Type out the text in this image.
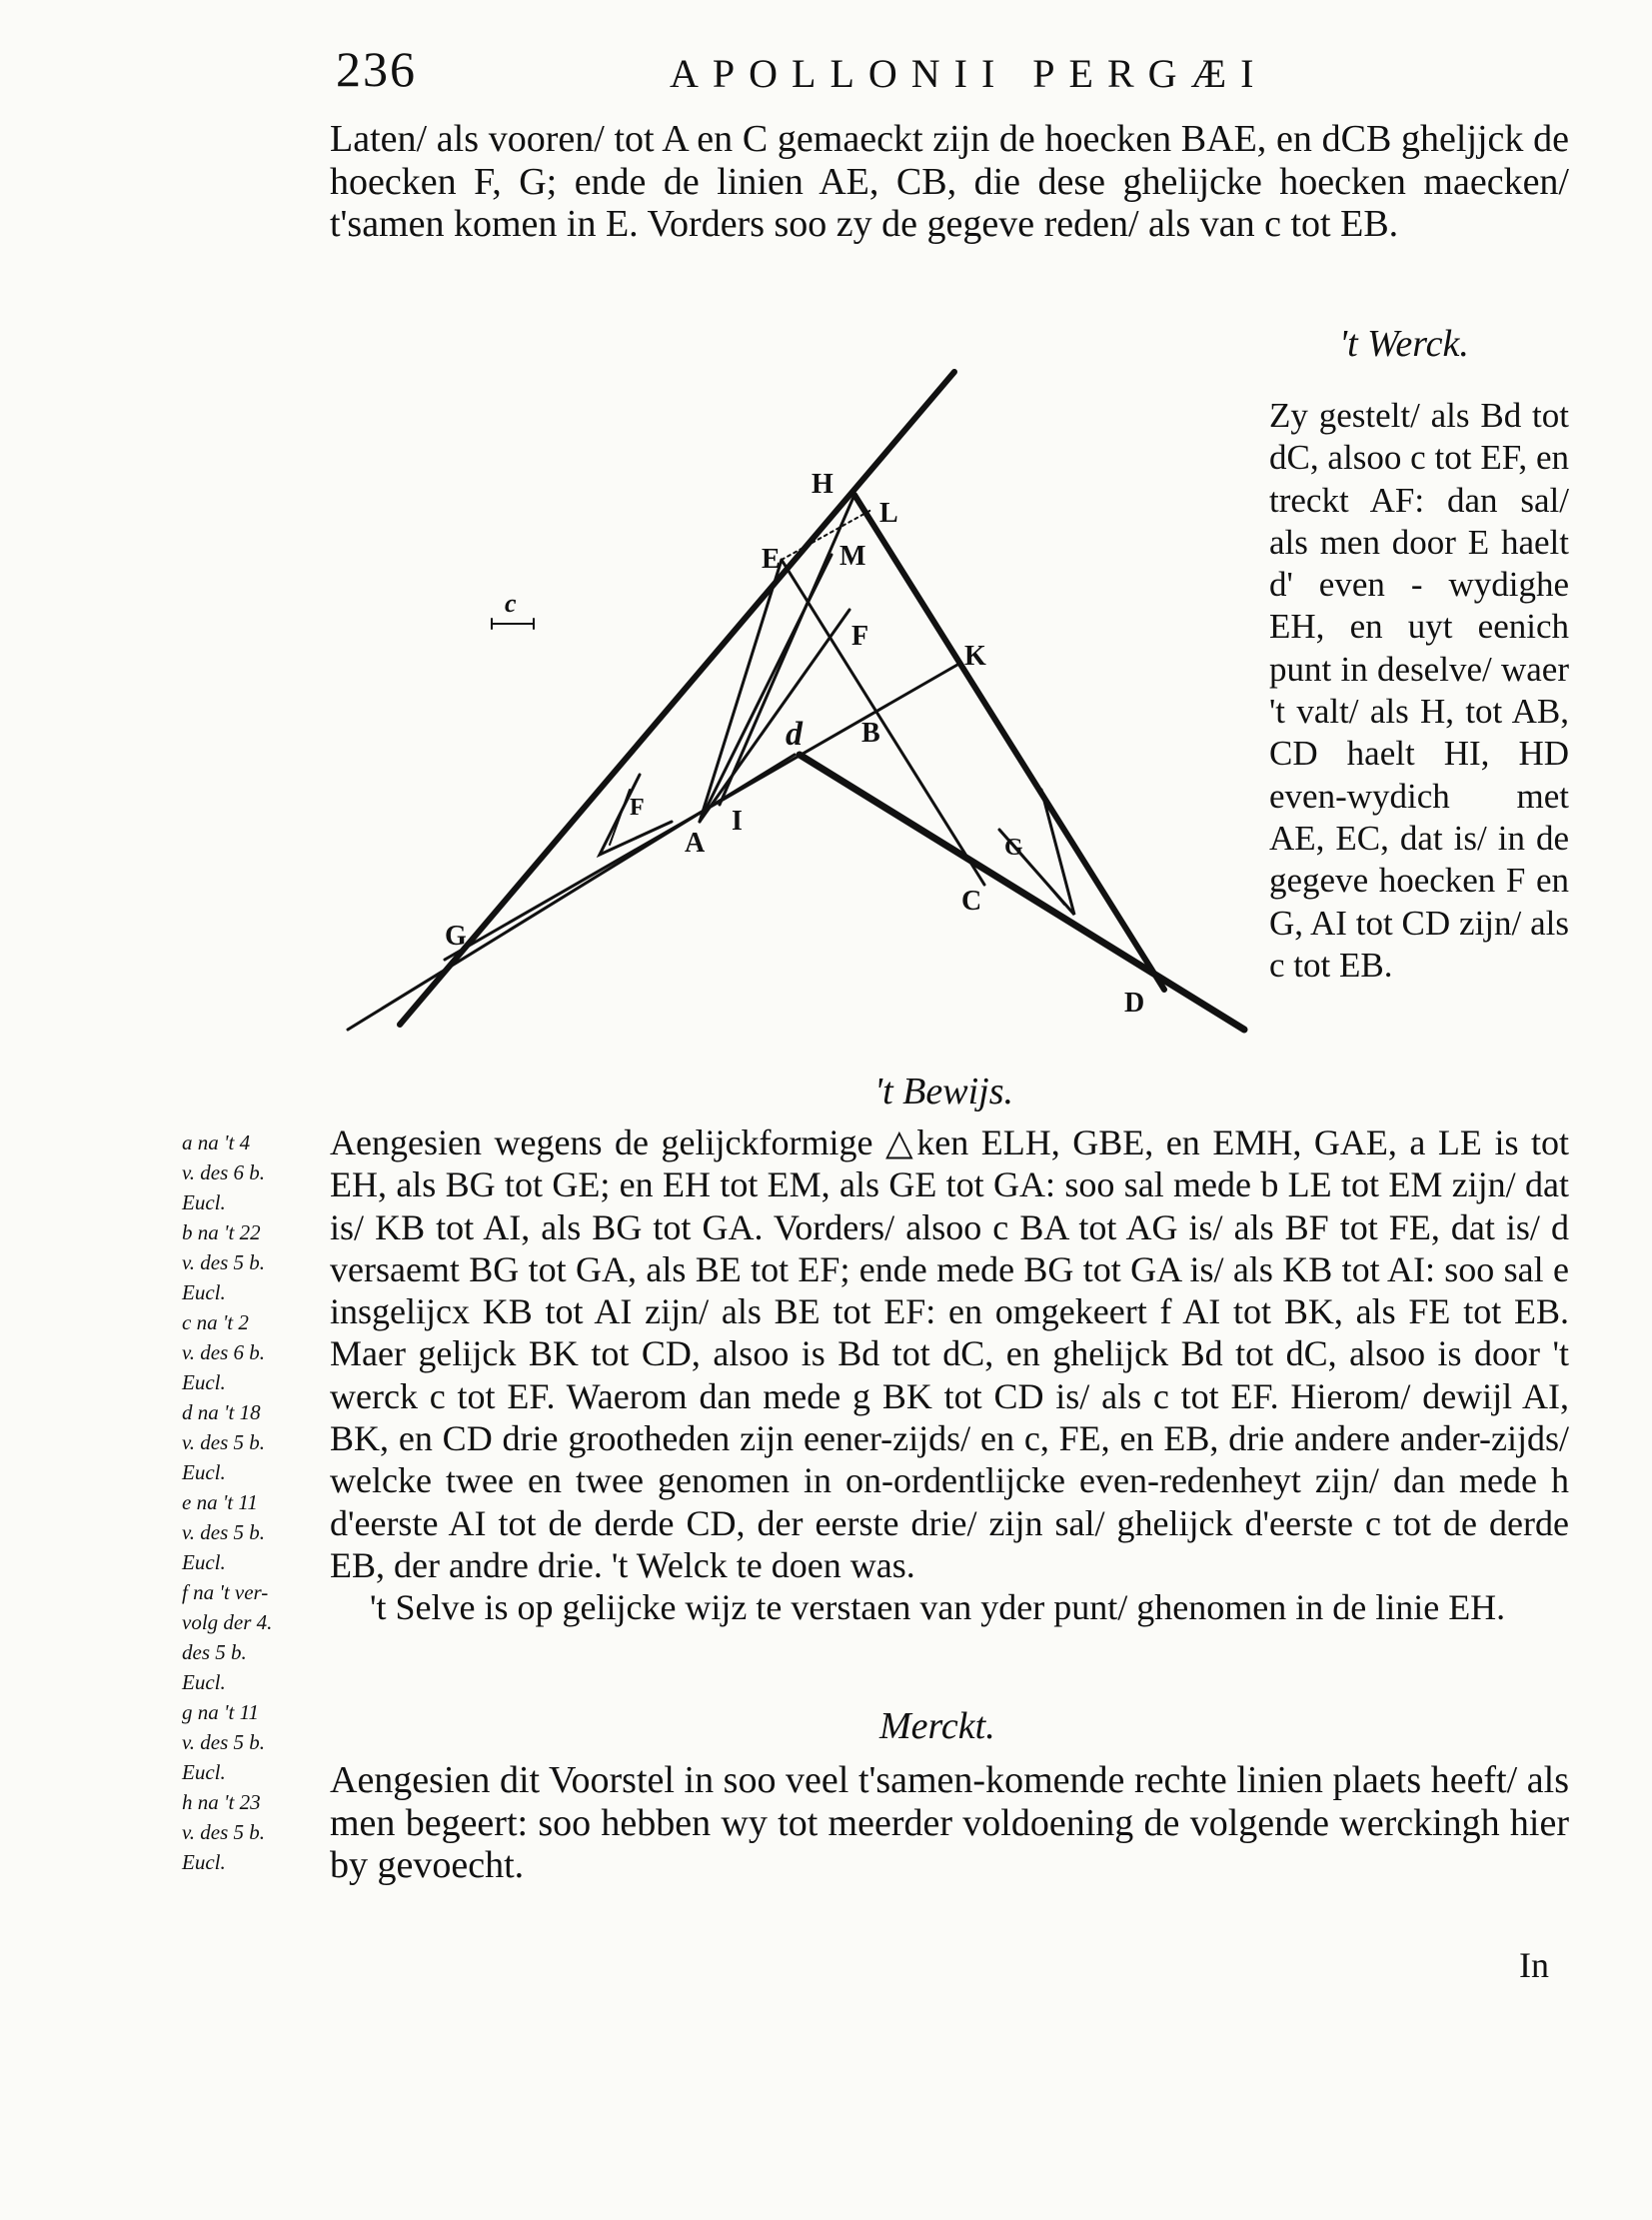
236	APOLLONII PERGÆI

Laten/ als vooren/ tot A en C gemaeckt zijn de hoecken BAE, en dCB gheljjck de hoecken F, G; ende de linien AE, CB, die dese ghelijcke hoecken maecken/ t'samen komen in E. Vorders soo zy de gegeve reden/ als van c tot EB.

H
L
E M
F
K
d B
A
I
C
G
D
c
F
G
't Werck.

Zy gestelt/ als Bd tot dC, alsoo c tot EF, en treckt AF: dan sal/ als men door E haelt d' even - wydighe EH, en uyt eenich punt in deselve/ waer 't valt/ als H, tot AB, CD haelt HI, HD even-wydich met AE, EC, dat is/ in de gegeve hoecken F en G, AI tot CD zijn/ als c tot EB.

't Bewijs.

Aengesien wegens de gelijckformige △ken ELH, GBE, en EMH, GAE, a LE is tot EH, als BG tot GE; en EH tot EM, als GE tot GA: soo sal mede b LE tot EM zijn/ dat is/ KB tot AI, als BG tot GA. Vorders/ alsoo c BA tot AG is/ als BF tot FE, dat is/ d versaemt BG tot GA, als BE tot EF; ende mede BG tot GA is/ als KB tot AI: soo sal e insgelijcx KB tot AI zijn/ als BE tot EF: en omgekeert f AI tot BK, als FE tot EB. Maer gelijck BK tot CD, alsoo is Bd tot dC, en ghelijck Bd tot dC, alsoo is door 't werck c tot EF. Waerom dan mede g BK tot CD is/ als c tot EF. Hierom/ dewijl AI, BK, en CD drie grootheden zijn eener-zijds/ en c, FE, en EB, drie andere ander-zijds/ welcke twee en twee genomen in on-ordentlijcke even-redenheyt zijn/ dan mede h d'eerste AI tot de derde CD, der eerste drie/ zijn sal/ ghelijck d'eerste c tot de derde EB, der andre drie. 't Welck te doen was.

't Selve is op gelijcke wijz te verstaen van yder punt/ ghenomen in de linie EH.

a na 't 4
v. des 6 b.
Eucl.
b na 't 22
v. des 5 b.
Eucl.
c na 't 2
v. des 6 b.
Eucl.
d na 't 18
v. des 5 b.
Eucl.
e na 't 11
v. des 5 b.
Eucl.
f na 't ver-
volg der 4.
des 5 b.
Eucl.
g na 't 11
v. des 5 b.
Eucl.
h na 't 23
v. des 5 b.
Eucl.
Merckt.

Aengesien dit Voorstel in soo veel t'samen-komende rechte linien plaets heeft/ als men begeert: soo hebben wy tot meerder voldoening de volgende werckingh hier by gevoecht.

In
